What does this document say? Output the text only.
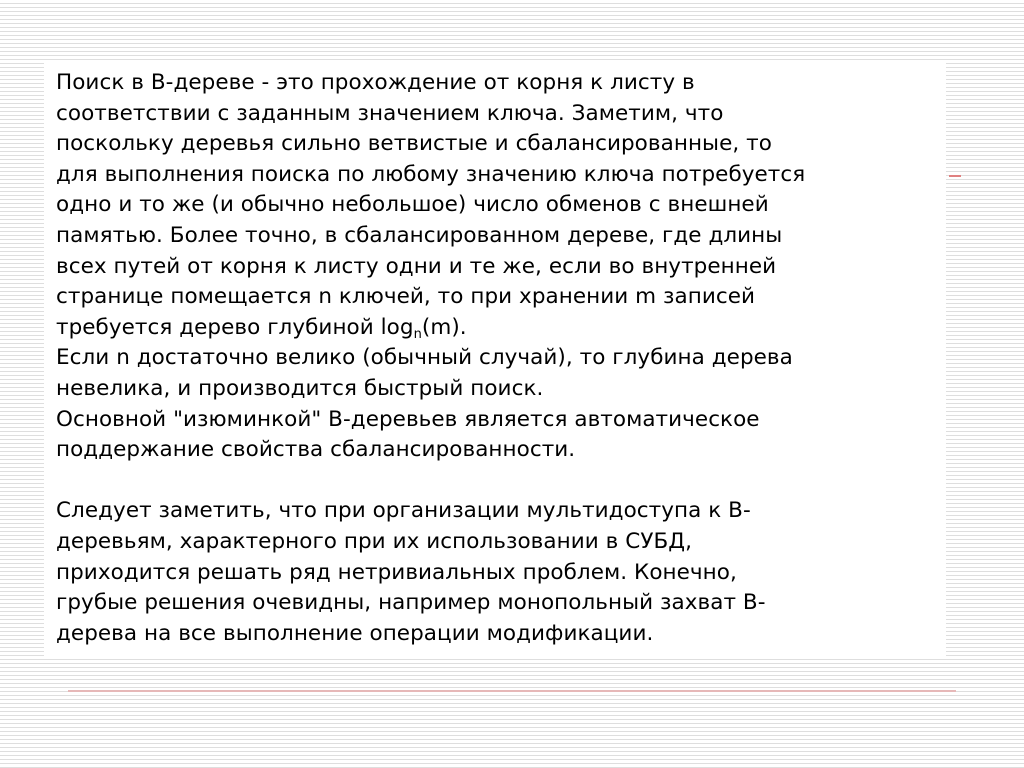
Поиск в B-дереве - это прохождение от корня к листу в
соответствии с заданным значением ключа. Заметим, что
поскольку деревья сильно ветвистые и сбалансированные, то
для выполнения поиска по любому значению ключа потребуется
одно и то же (и обычно небольшое) число обменов с внешней
памятью. Более точно, в сбалансированном дереве, где длины
всех путей от корня к листу одни и те же, если во внутренней
странице помещается n ключей, то при хранении m записей
требуется дерево глубиной $\log_n(m)$.
Если n достаточно велико (обычный случай), то глубина дерева
невелика, и производится быстрый поиск.
Основной "изюминкой" B-деревьев является автоматическое
поддержание свойства сбалансированности.
Следует заметить, что при организации мультидоступа к B-
деревьям, характерного при их использовании в СУБД,
приходится решать ряд нетривиальных проблем. Конечно,
грубые решения очевидны, например монопольный захват B-
дерева на все выполнение операции модификации.
